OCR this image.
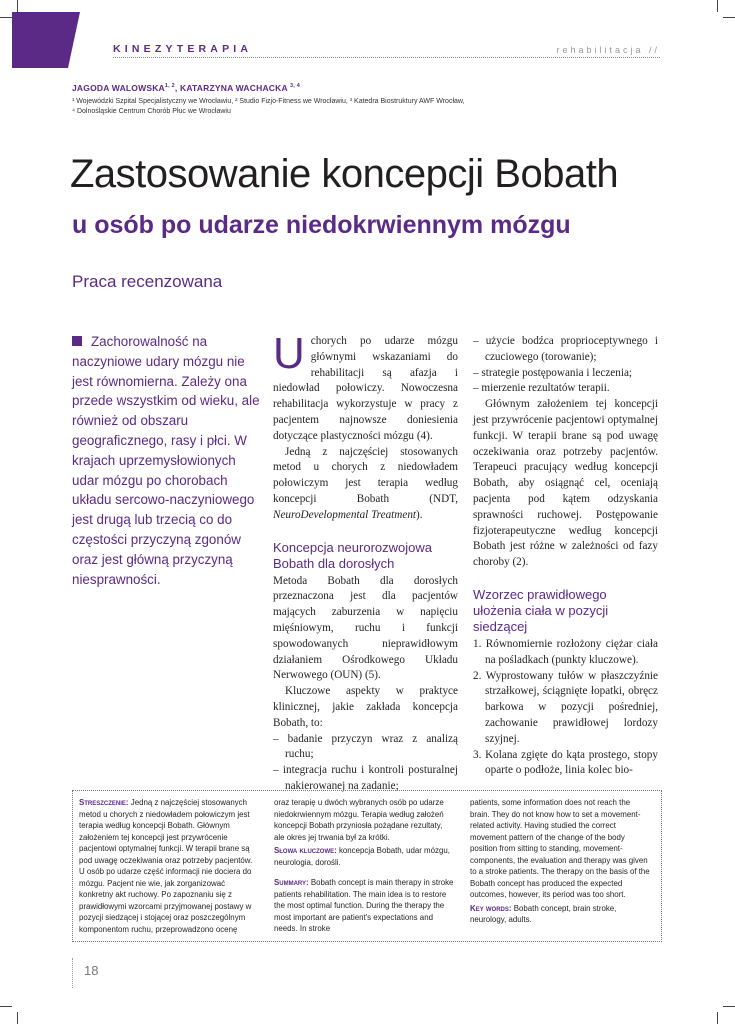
KINEZYTERAPIA	rehabilitacja //
JAGODA WALOWSKA$^{1, 2}$, KATARZYNA WACHACKA $^{3, 4}$
¹ Wojewódzki Szpital Specjalistyczny we Wrocławiu, ² Studio Fizjo-Fitness we Wrocławiu, ³ Katedra Biostruktury AWF Wrocław,
⁴ Dolnośląskie Centrum Chorób Płuc we Wrocławiu
Zastosowanie koncepcji Bobath
u osób po udarze niedokrwiennym mózgu
Praca recenzowana
Zachorowalność na naczyniowe udary mózgu nie jest równomierna. Zależy ona przede wszystkim od wieku, ale również od obszaru geograficznego, rasy i płci. W krajach uprzemysłowionych udar mózgu po chorobach układu sercowo-naczyniowego jest drugą lub trzecią co do częstości przyczyną zgonów oraz jest główną przyczyną niesprawności.

Uchorych po udarze mózgu głównymi wskazaniami do rehabilitacji są afazja i niedowład połowiczy. Nowoczesna rehabilitacja wykorzystuje w pracy z pacjentem najnowsze doniesienia dotyczące plastyczności mózgu (4).

Jedną z najczęściej stosowanych metod u chorych z niedowładem połowiczym jest terapia według koncepcji Bobath (NDT, NeuroDevelopmental Treatment).

Koncepcja neurorozwojowa Bobath dla dorosłych

Metoda Bobath dla dorosłych przeznaczona jest dla pacjentów mających zaburzenia w napięciu mięśniowym, ruchu i funkcji spowodowanych nieprawidłowym działaniem Ośrodkowego Układu Nerwowego (OUN) (5).

Kluczowe aspekty w praktyce klinicznej, jakie zakłada koncepcja Bobath, to:

– badanie przyczyn wraz z analizą ruchu;
– integracja ruchu i kontroli posturalnej nakierowanej na zadanie;
– użycie bodźca proprioceptywnego i czuciowego (torowanie);
– strategie postępowania i leczenia;
– mierzenie rezultatów terapii.

Głównym założeniem tej koncepcji jest przywrócenie pacjentowi optymalnej funkcji. W terapii brane są pod uwagę oczekiwania oraz potrzeby pacjentów. Terapeuci pracujący według koncepcji Bobath, aby osiągnąć cel, oceniają pacjenta pod kątem odzyskania sprawności ruchowej. Postępowanie fizjoterapeutyczne według koncepcji Bobath jest różne w zależności od fazy choroby (2).

Wzorzec prawidłowego ułożenia ciała w pozycji siedzącej
1. Równomiernie rozłożony ciężar ciała na pośladkach (punkty kluczowe).
2. Wyprostowany tułów w płaszczyźnie strzałkowej, ściągnięte łopatki, obręcz barkowa w pozycji pośredniej, zachowanie prawidłowej lordozy szyjnej.
3. Kolana zgięte do kąta prostego, stopy oparte o podłoże, linia kolec bio-

Streszczenie: Jedną z najczęściej stosowanych metod u chorych z niedowładem połowiczym jest terapia według koncepcji Bobath. Głównym założeniem tej koncepcji jest przywrócenie pacjentowi optymalnej funkcji. W terapii brane są pod uwagę oczekiwania oraz potrzeby pacjentów. U osób po udarze część informacji nie dociera do mózgu. Pacjent nie wie, jak zorganizować konkretny akt ruchowy. Po zapoznaniu się z prawidłowymi wzorcami przyjmowanej postawy w pozycji siedzącej i stojącej oraz poszczególnym komponentom ruchu, przeprowadzono ocenę

oraz terapię u dwóch wybranych osób po udarze niedokrwiennym mózgu. Terapia według założeń koncepcji Bobath przyniosła pożądane rezultaty, ale okres jej trwania był za krótki.

Słowa kluczowe: koncepcja Bobath, udar mózgu, neurologia, dorośli.

Summary: Bobath concept is main therapy in stroke patients rehabilitation. The main idea is to restore the most optimal function. During the therapy the most important are patient's expectations and needs. In stroke

patients, some information does not reach the brain. They do not know how to set a movement-related activity. Having studied the correct movement pattern of the change of the body position from sitting to standing, movement-components, the evaluation and therapy was given to a stroke patients. The therapy on the basis of the Bobath concept has produced the expected outcomes, however, its period was too short.

Key words: Bobath concept, brain stroke, neurology, adults.

18
